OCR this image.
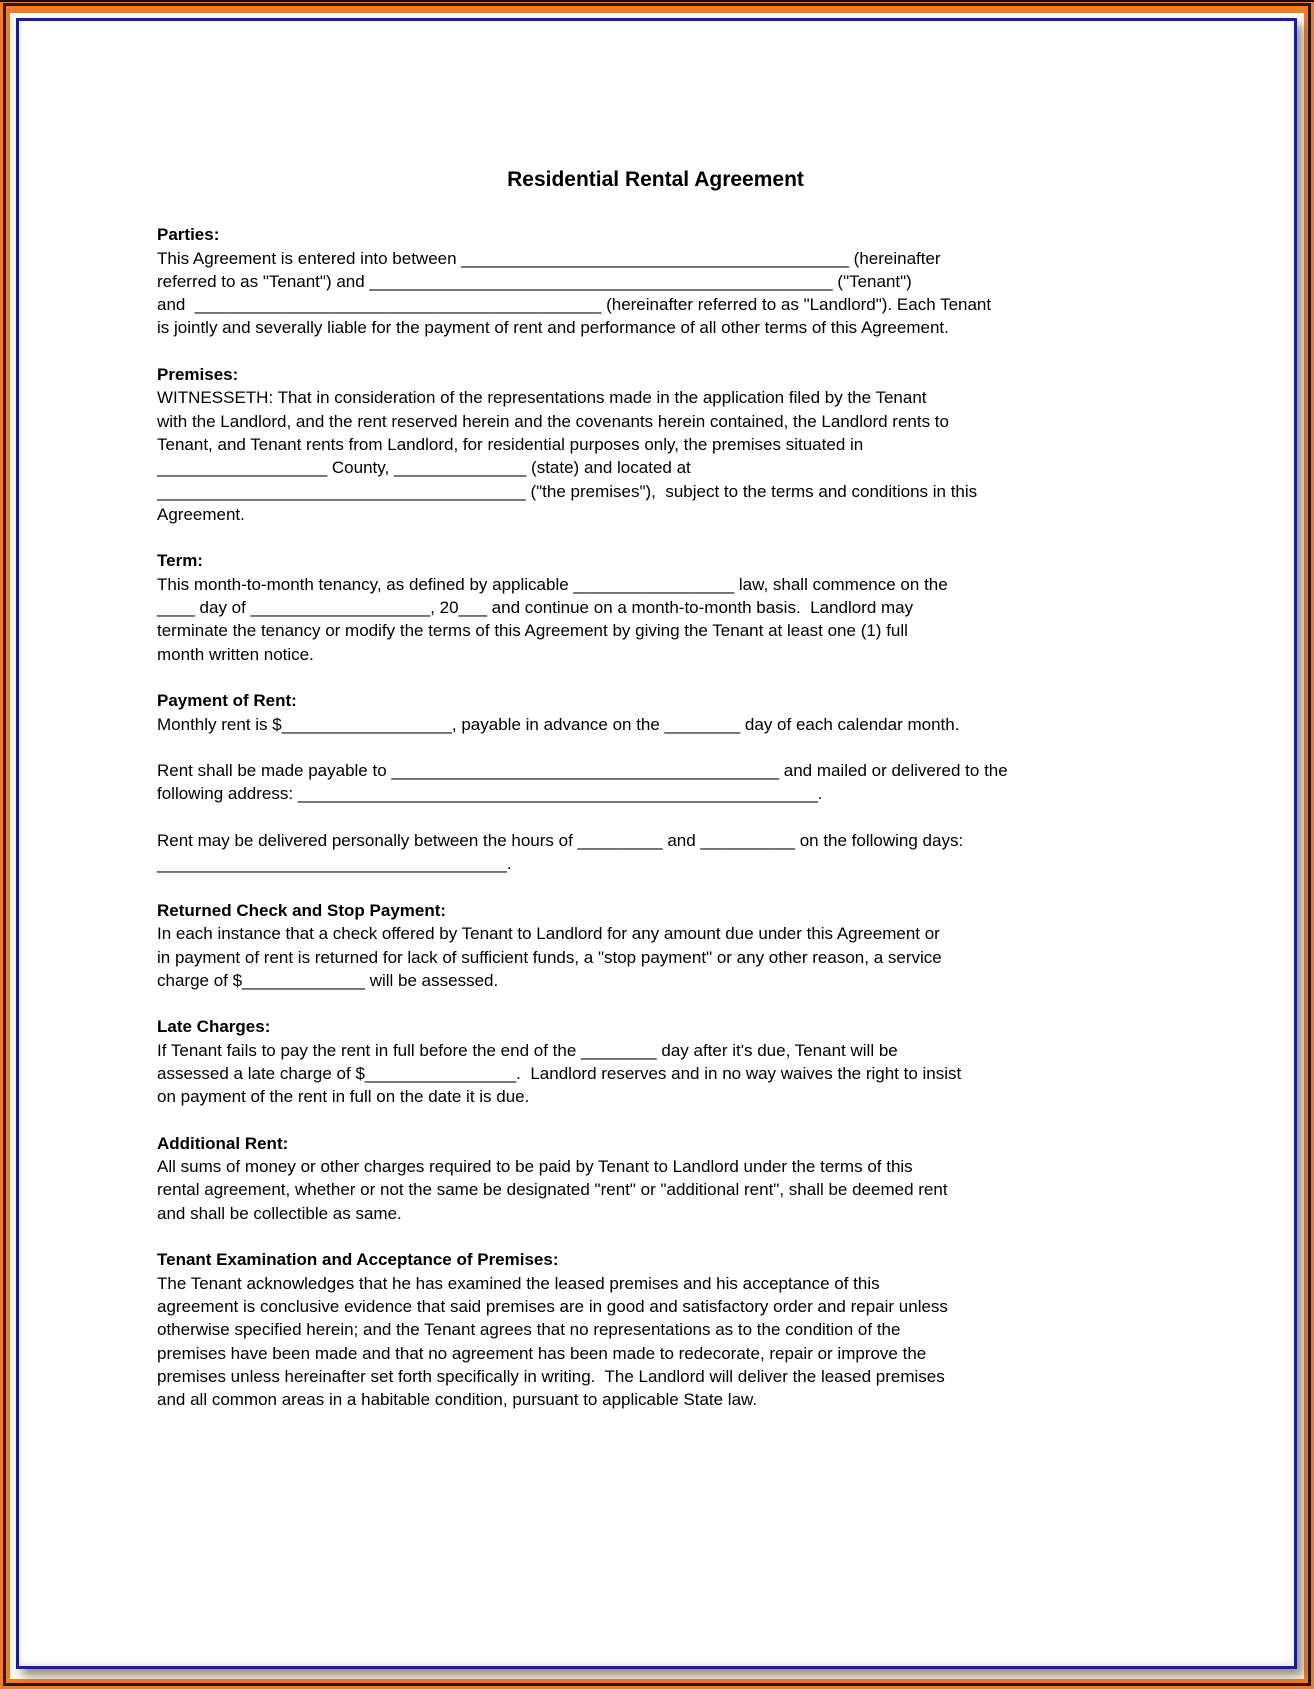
Residential Rental Agreement
Parties:
This Agreement is entered into between _________________________________________ (hereinafter
referred to as "Tenant") and _________________________________________________ ("Tenant")
and  ___________________________________________ (hereinafter referred to as "Landlord"). Each Tenant
is jointly and severally liable for the payment of rent and performance of all other terms of this Agreement.
Premises:
WITNESSETH: That in consideration of the representations made in the application filed by the Tenant
with the Landlord, and the rent reserved herein and the covenants herein contained, the Landlord rents to
Tenant, and Tenant rents from Landlord, for residential purposes only, the premises situated in
__________________ County, ______________ (state) and located at
_______________________________________ ("the premises"),  subject to the terms and conditions in this
Agreement.
Term:
This month-to-month tenancy, as defined by applicable _________________ law, shall commence on the
____ day of ___________________, 20___ and continue on a month-to-month basis.  Landlord may
terminate the tenancy or modify the terms of this Agreement by giving the Tenant at least one (1) full
month written notice.
Payment of Rent:
Monthly rent is $__________________, payable in advance on the ________ day of each calendar month.
Rent shall be made payable to _________________________________________ and mailed or delivered to the
following address: _______________________________________________________.
Rent may be delivered personally between the hours of _________ and __________ on the following days:
_____________________________________.
Returned Check and Stop Payment:
In each instance that a check offered by Tenant to Landlord for any amount due under this Agreement or
in payment of rent is returned for lack of sufficient funds, a "stop payment" or any other reason, a service
charge of $_____________ will be assessed.
Late Charges:
If Tenant fails to pay the rent in full before the end of the ________ day after it's due, Tenant will be
assessed a late charge of $________________.  Landlord reserves and in no way waives the right to insist
on payment of the rent in full on the date it is due.
Additional Rent:
All sums of money or other charges required to be paid by Tenant to Landlord under the terms of this
rental agreement, whether or not the same be designated "rent" or "additional rent", shall be deemed rent
and shall be collectible as same.
Tenant Examination and Acceptance of Premises:
The Tenant acknowledges that he has examined the leased premises and his acceptance of this
agreement is conclusive evidence that said premises are in good and satisfactory order and repair unless
otherwise specified herein; and the Tenant agrees that no representations as to the condition of the
premises have been made and that no agreement has been made to redecorate, repair or improve the
premises unless hereinafter set forth specifically in writing.  The Landlord will deliver the leased premises
and all common areas in a habitable condition, pursuant to applicable State law.
